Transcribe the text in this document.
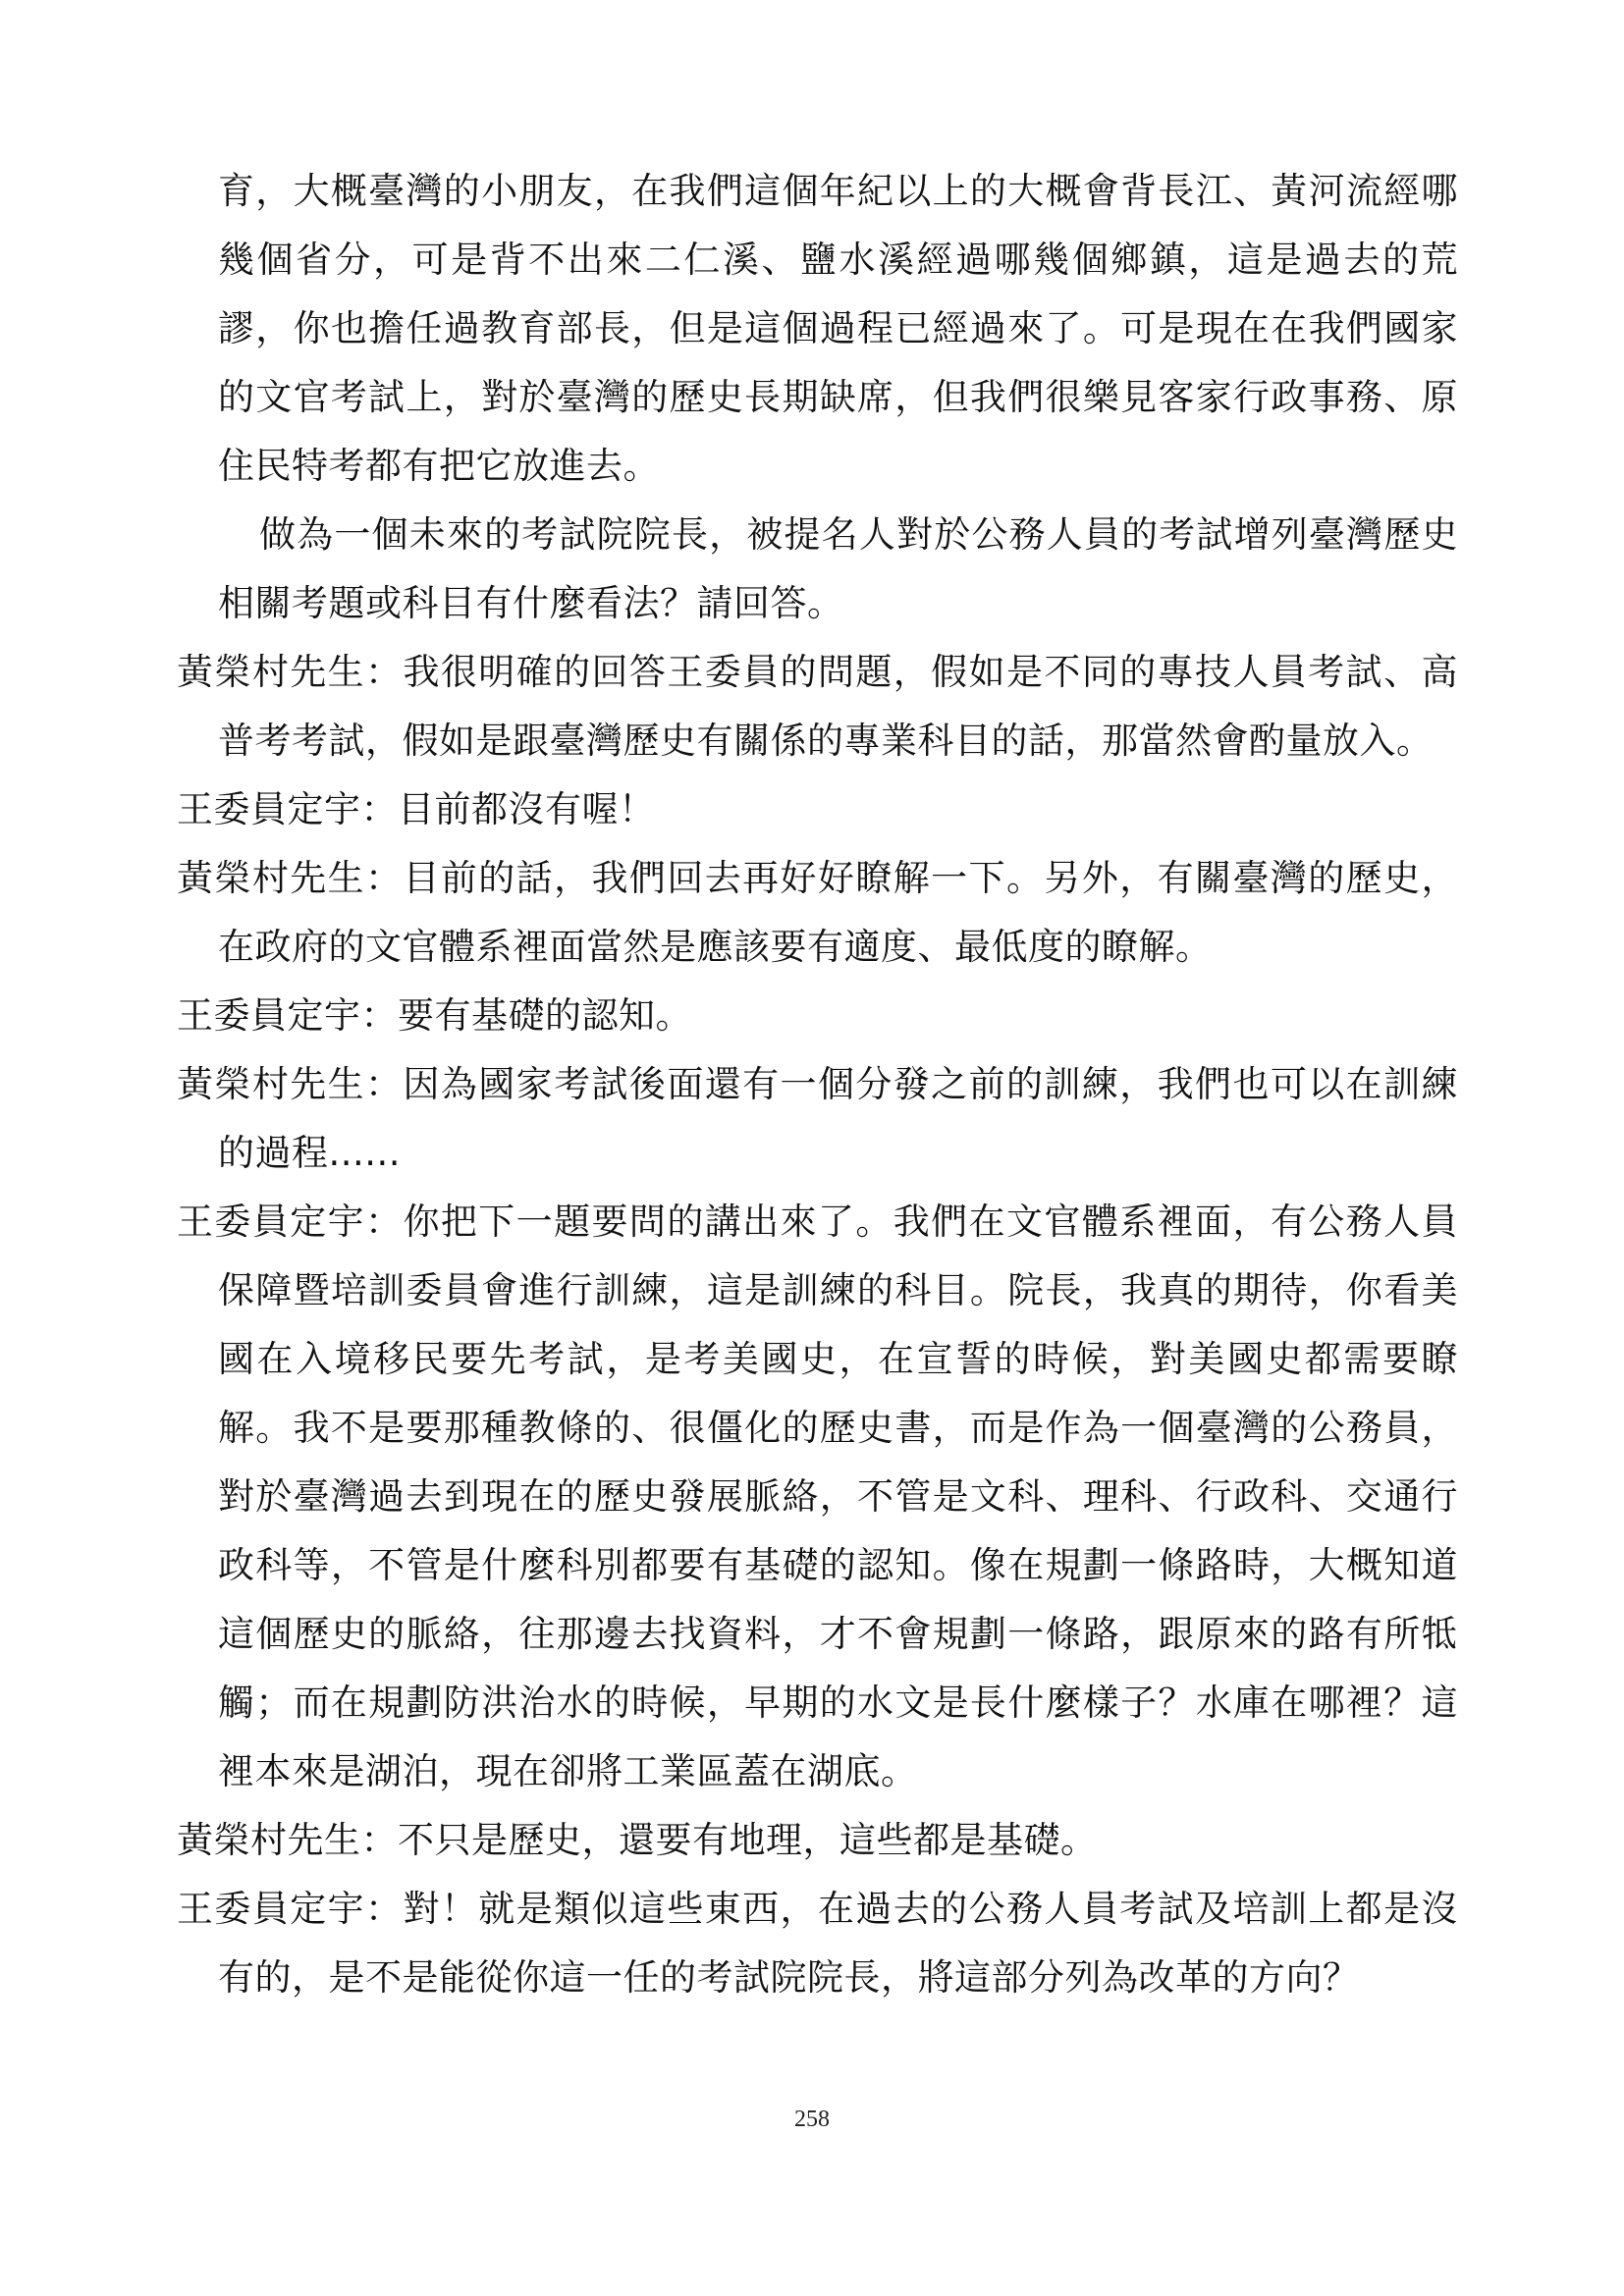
育，大概臺灣的小朋友，在我們這個年紀以上的大概會背長江、黃河流經哪幾個省分，可是背不出來二仁溪、鹽水溪經過哪幾個鄉鎮，這是過去的荒謬，你也擔任過教育部長，但是這個過程已經過來了。可是現在在我們國家的文官考試上，對於臺灣的歷史長期缺席，但我們很樂見客家行政事務、原住民特考都有把它放進去。

做為一個未來的考試院院長，被提名人對於公務人員的考試增列臺灣歷史相關考題或科目有什麼看法？請回答。

黃榮村先生：我很明確的回答王委員的問題，假如是不同的專技人員考試、高普考考試，假如是跟臺灣歷史有關係的專業科目的話，那當然會酌量放入。

王委員定宇：目前都沒有喔！

黃榮村先生：目前的話，我們回去再好好瞭解一下。另外，有關臺灣的歷史，在政府的文官體系裡面當然是應該要有適度、最低度的瞭解。

王委員定宇：要有基礎的認知。

黃榮村先生：因為國家考試後面還有一個分發之前的訓練，我們也可以在訓練的過程......

王委員定宇：你把下一題要問的講出來了。我們在文官體系裡面，有公務人員保障暨培訓委員會進行訓練，這是訓練的科目。院長，我真的期待，你看美國在入境移民要先考試，是考美國史，在宣誓的時候，對美國史都需要瞭解。我不是要那種教條的、很僵化的歷史書，而是作為一個臺灣的公務員，對於臺灣過去到現在的歷史發展脈絡，不管是文科、理科、行政科、交通行政科等，不管是什麼科別都要有基礎的認知。像在規劃一條路時，大概知道這個歷史的脈絡，往那邊去找資料，才不會規劃一條路，跟原來的路有所牴觸；而在規劃防洪治水的時候，早期的水文是長什麼樣子？水庫在哪裡？這裡本來是湖泊，現在卻將工業區蓋在湖底。

黃榮村先生：不只是歷史，還要有地理，這些都是基礎。

王委員定宇：對！就是類似這些東西，在過去的公務人員考試及培訓上都是沒有的，是不是能從你這一任的考試院院長，將這部分列為改革的方向？

258
